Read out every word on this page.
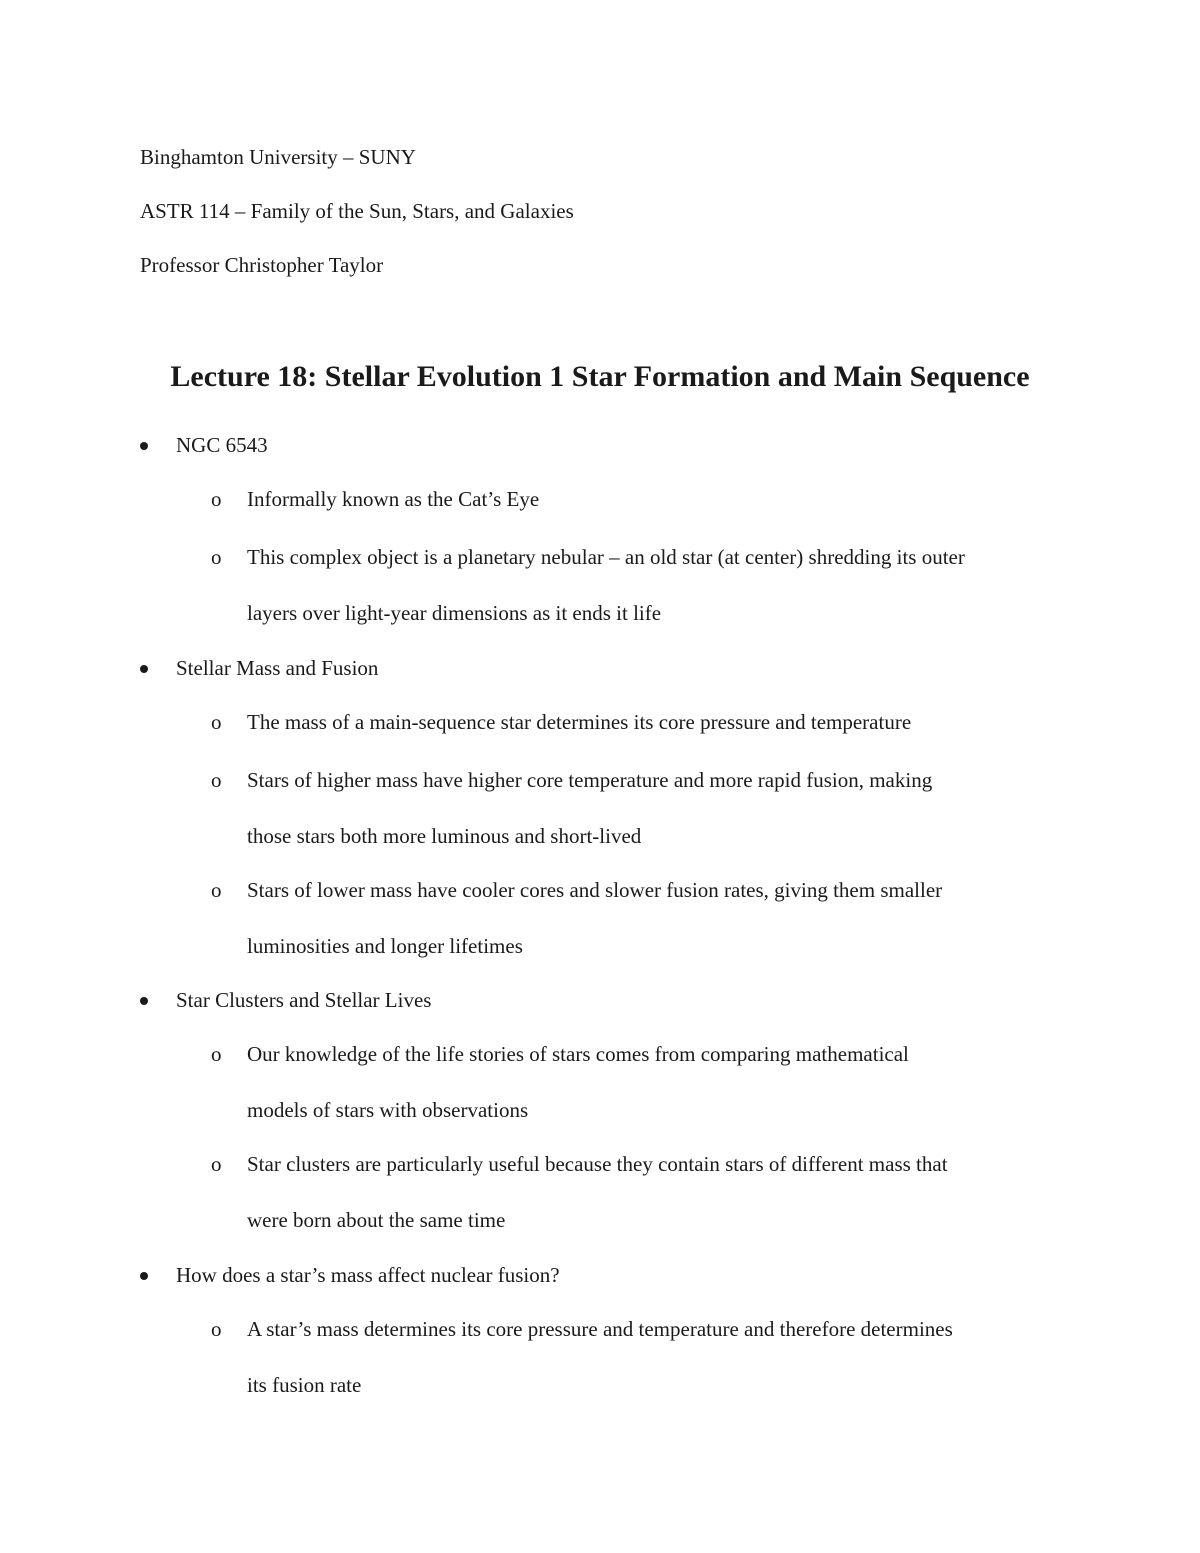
Binghamton University – SUNY
ASTR 114 – Family of the Sun, Stars, and Galaxies
Professor Christopher Taylor
Lecture 18: Stellar Evolution 1 Star Formation and Main Sequence
NGC 6543
o Informally known as the Cat’s Eye
o This complex object is a planetary nebular – an old star (at center) shredding its outer
layers over light-year dimensions as it ends it life
Stellar Mass and Fusion
o The mass of a main-sequence star determines its core pressure and temperature
o Stars of higher mass have higher core temperature and more rapid fusion, making
those stars both more luminous and short-lived
o Stars of lower mass have cooler cores and slower fusion rates, giving them smaller
luminosities and longer lifetimes
Star Clusters and Stellar Lives
o Our knowledge of the life stories of stars comes from comparing mathematical
models of stars with observations
o Star clusters are particularly useful because they contain stars of different mass that
were born about the same time
How does a star’s mass affect nuclear fusion?
o A star’s mass determines its core pressure and temperature and therefore determines
its fusion rate
